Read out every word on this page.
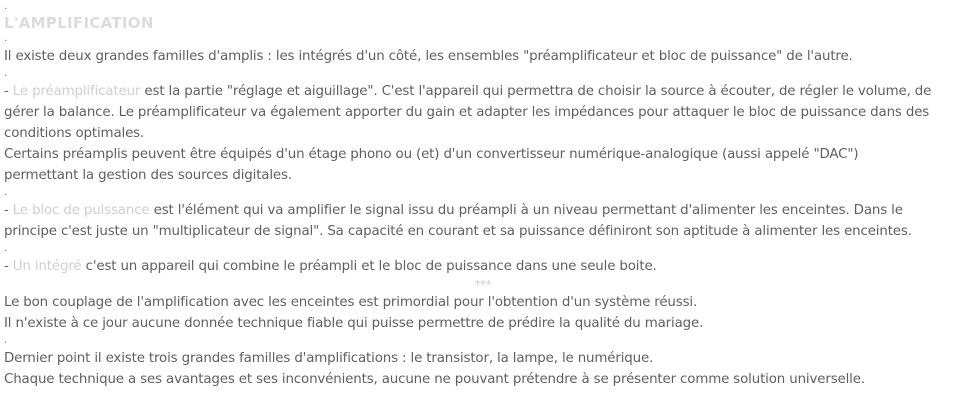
.
L'AMPLIFICATION
.
Il existe deux grandes familles d'amplis : les intégrés d'un côté, les ensembles "préamplificateur et bloc de puissance" de l'autre.
.
- Le préamplificateur est la partie "réglage et aiguillage". C'est l'appareil qui permettra de choisir la source à écouter, de régler le volume, de
gérer la balance. Le préamplificateur va également apporter du gain et adapter les impédances pour attaquer le bloc de puissance dans des
conditions optimales.
Certains préamplis peuvent être équipés d'un étage phono ou (et) d'un convertisseur numérique-analogique (aussi appelé "DAC")
permettant la gestion des sources digitales.
.
- Le bloc de puissance est l'élément qui va amplifier le signal issu du préampli à un niveau permettant d'alimenter les enceintes. Dans le
principe c'est juste un "multiplicateur de signal". Sa capacité en courant et sa puissance définiront son aptitude à alimenter les enceintes.
.
- Un intégré c'est un appareil qui combine le préampli et le bloc de puissance dans une seule boite.
***
Le bon couplage de l'amplification avec les enceintes est primordial pour l'obtention d'un système réussi.
Il n'existe à ce jour aucune donnée technique fiable qui puisse permettre de prédire la qualité du mariage.
.
Dernier point il existe trois grandes familles d'amplifications : le transistor, la lampe, le numérique.
Chaque technique a ses avantages et ses inconvénients, aucune ne pouvant prétendre à se présenter comme solution universelle.
